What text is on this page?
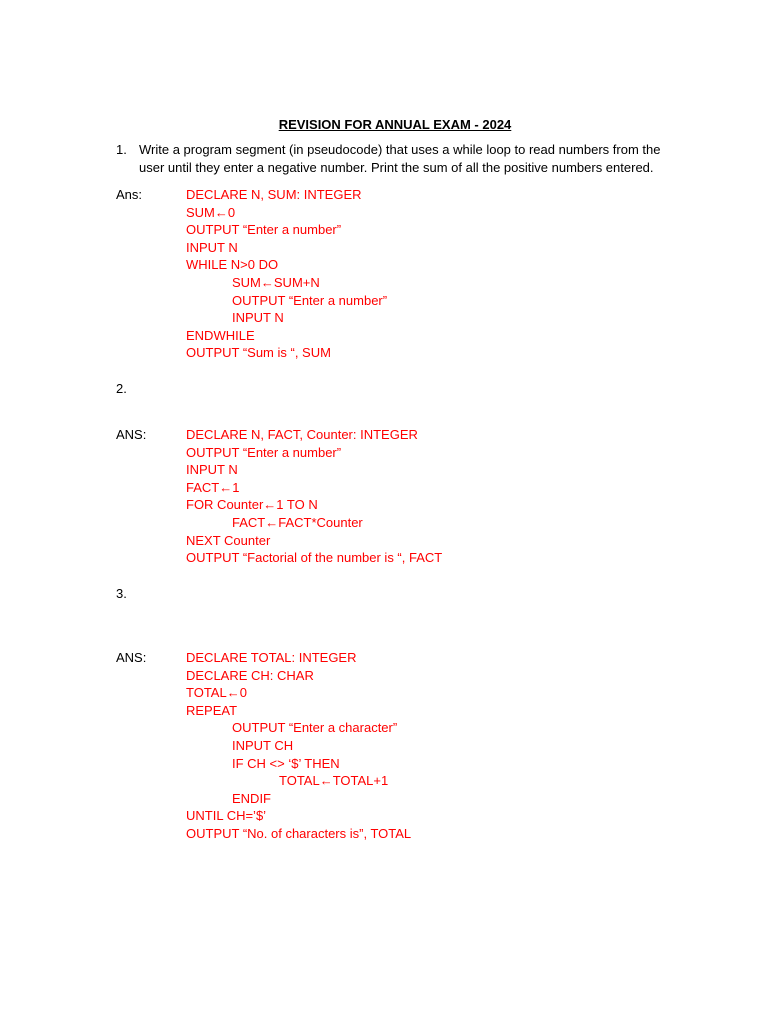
REVISION FOR ANNUAL EXAM - 2024
1. Write a program segment (in pseudocode) that uses a while loop to read numbers from the user until they enter a negative number. Print the sum of all the positive numbers entered.
Ans:	DECLARE N, SUM: INTEGER
SUM←0
OUTPUT “Enter a number”
INPUT N
WHILE N>0 DO
SUM←SUM+N
OUTPUT “Enter a number”
INPUT N
ENDWHILE
OUTPUT “Sum is “, SUM
2.
ANS:	DECLARE N, FACT, Counter: INTEGER
OUTPUT “Enter a number”
INPUT N
FACT←1
FOR Counter←1 TO N
FACT←FACT*Counter
NEXT Counter
OUTPUT “Factorial of the number is “, FACT
3.
ANS:	DECLARE TOTAL: INTEGER
DECLARE CH: CHAR
TOTAL←0
REPEAT
OUTPUT “Enter a character”
INPUT CH
IF CH <> ‘$’ THEN
TOTAL←TOTAL+1
ENDIF
UNTIL CH=’$’
OUTPUT “No. of characters is”, TOTAL
